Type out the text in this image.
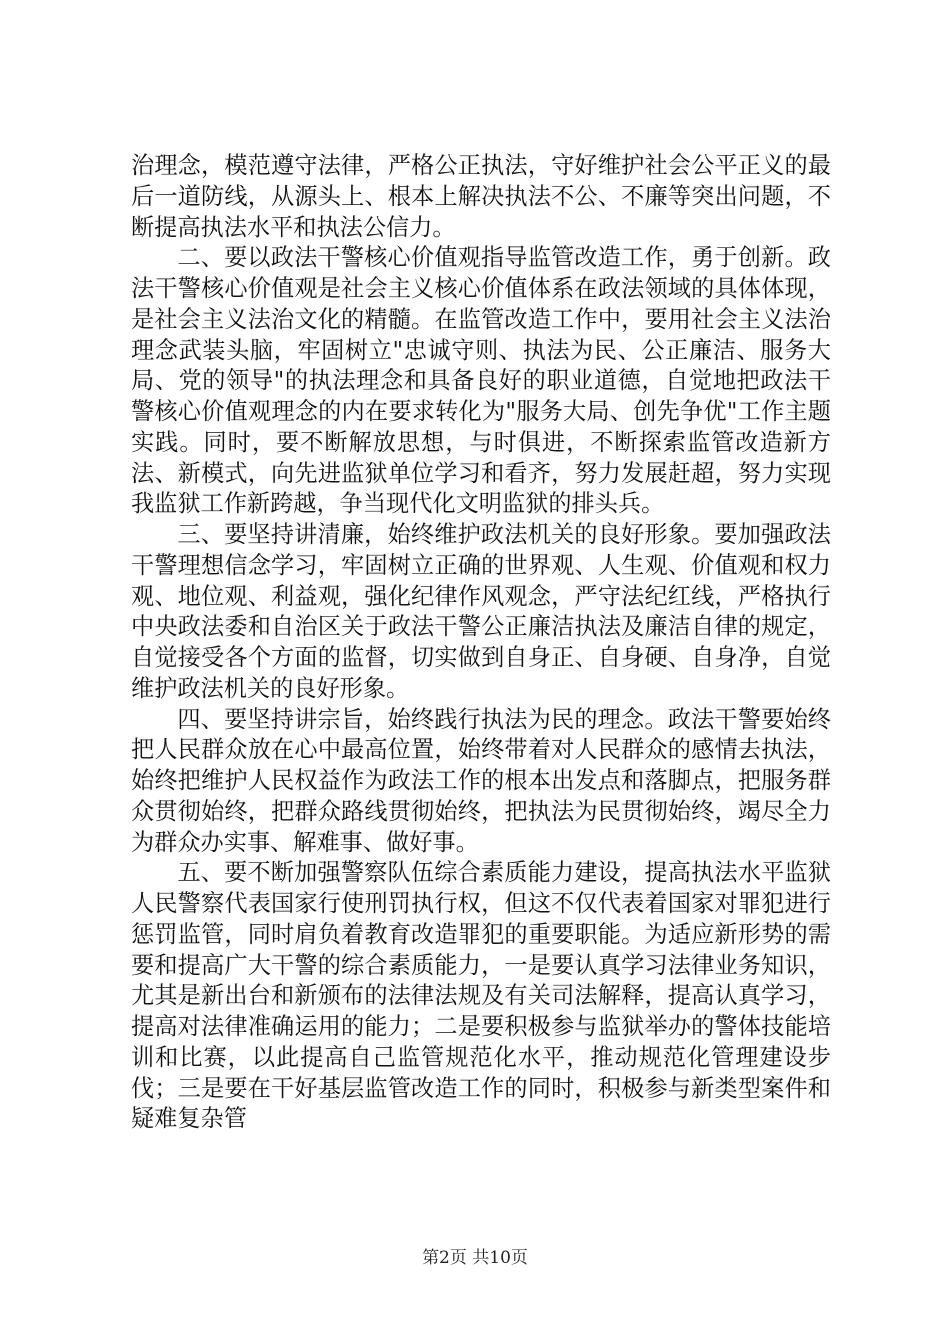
治理念，模范遵守法律，严格公正执法，守好维护社会公平正义的最后一道防线，从源头上、根本上解决执法不公、不廉等突出问题，不断提高执法水平和执法公信力。

二、要以政法干警核心价值观指导监管改造工作，勇于创新。政法干警核心价值观是社会主义核心价值体系在政法领域的具体体现，是社会主义法治文化的精髓。在监管改造工作中，要用社会主义法治理念武装头脑，牢固树立"忠诚守则、执法为民、公正廉洁、服务大局、党的领导"的执法理念和具备良好的职业道德，自觉地把政法干警核心价值观理念的内在要求转化为"服务大局、创先争优"工作主题实践。同时，要不断解放思想，与时俱进，不断探索监管改造新方法、新模式，向先进监狱单位学习和看齐，努力发展赶超，努力实现我监狱工作新跨越，争当现代化文明监狱的排头兵。

三、要坚持讲清廉，始终维护政法机关的良好形象。要加强政法干警理想信念学习，牢固树立正确的世界观、人生观、价值观和权力观、地位观、利益观，强化纪律作风观念，严守法纪红线，严格执行中央政法委和自治区关于政法干警公正廉洁执法及廉洁自律的规定，自觉接受各个方面的监督，切实做到自身正、自身硬、自身净，自觉维护政法机关的良好形象。

四、要坚持讲宗旨，始终践行执法为民的理念。政法干警要始终把人民群众放在心中最高位置，始终带着对人民群众的感情去执法，始终把维护人民权益作为政法工作的根本出发点和落脚点，把服务群众贯彻始终，把群众路线贯彻始终，把执法为民贯彻始终，竭尽全力为群众办实事、解难事、做好事。

五、要不断加强警察队伍综合素质能力建设，提高执法水平监狱人民警察代表国家行使刑罚执行权，但这不仅代表着国家对罪犯进行惩罚监管，同时肩负着教育改造罪犯的重要职能。为适应新形势的需要和提高广大干警的综合素质能力，一是要认真学习法律业务知识，尤其是新出台和新颁布的法律法规及有关司法解释，提高认真学习，提高对法律准确运用的能力；二是要积极参与监狱举办的警体技能培训和比赛，以此提高自己监管规范化水平，推动规范化管理建设步伐；三是要在干好基层监管改造工作的同时，积极参与新类型案件和疑难复杂管

第2页 共10页
